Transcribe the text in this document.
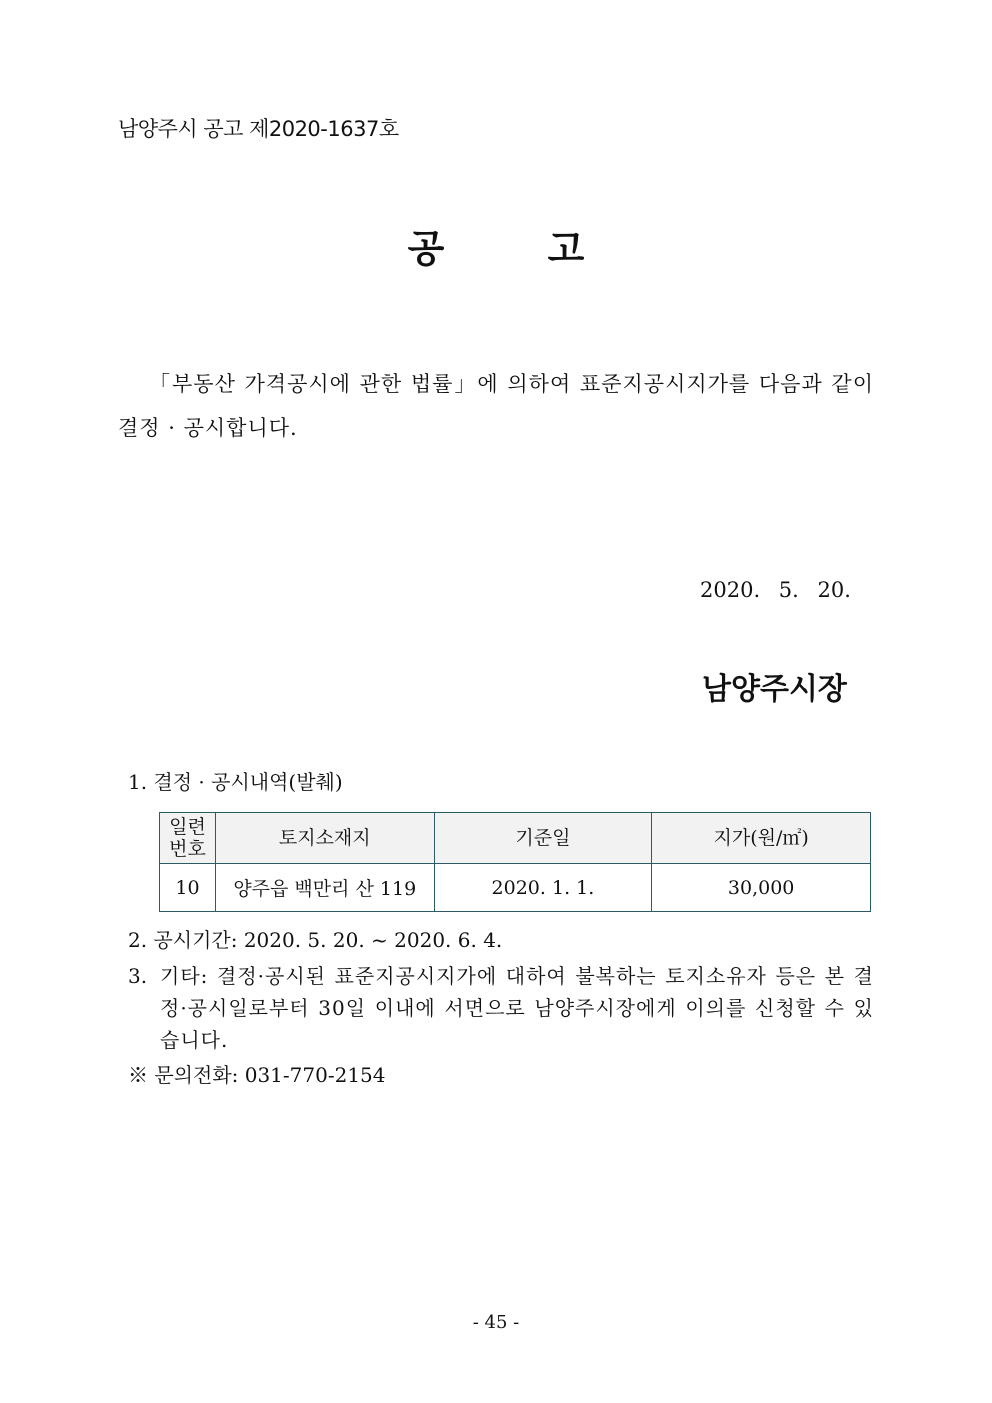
남양주시 공고 제2020-1637호
공 고
「부동산 가격공시에 관한 법률」에 의하여 표준지공시지가를 다음과 같이 결정 · 공시합니다.
2020. 5. 20.
남양주시장
1. 결정 · 공시내역(발췌)
일련
번호	토지소재지	기준일	지가(원/㎡)
10	양주읍 백만리 산 119	2020. 1. 1.	30,000
2. 공시기간: 2020. 5. 20. ~ 2020. 6. 4.
3. 기타: 결정·공시된 표준지공시지가에 대하여 불복하는 토지소유자 등은 본 결정·공시일로부터 30일 이내에 서면으로 남양주시장에게 이의를 신청할 수 있습니다.
※ 문의전화: 031-770-2154
- 45 -
